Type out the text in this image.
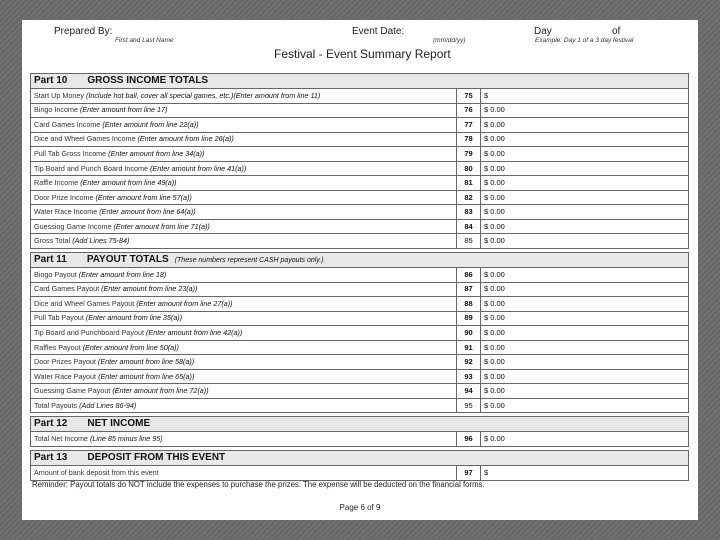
Prepared By:
First and Last Name
Event Date:
(mm/dd/yy)
Day	of
Example: Day 1 of a 3 day festival
Festival - Event Summary Report
Part 10 GROSS INCOME TOTALS		
Start Up Money (Include hot ball, cover all special games, etc.)(Enter amount from line 11)	75	$
Bingo Income (Enter amount from line 17)	76	$ 0.00
Card Games Income (Enter amount from line 22(a))	77	$ 0.00
Dice and Wheel Games Income (Enter amount from line 26(a))	78	$ 0.00
Pull Tab Gross Income (Enter amount from line 34(a))	79	$ 0.00
Tip Board and Punch Board Income (Enter amount from line 41(a))	80	$ 0.00
Raffle Income (Enter amount from line 49(a))	81	$ 0.00
Door Prize Income (Enter amount from line 57(a))	82	$ 0.00
Water Race Income (Enter amount from line 64(a))	83	$ 0.00
Guessing Game Income (Enter amount from line 71(a))	84	$ 0.00
Gross Total (Add Lines 75-84)	85	$ 0.00

Part 11 PAYOUT TOTALS (These numbers represent CASH payouts only.)		
Bingo Payout (Enter amount from line 18)	86	$ 0.00
Card Games Payout (Enter amount from line 23(a))	87	$ 0.00
Dice and Wheel Games Payout (Enter amount from line 27(a))	88	$ 0.00
Pull Tab Payout (Enter amount from line 35(a))	89	$ 0.00
Tip Board and Punchboard Payout (Enter amount from line 42(a))	90	$ 0.00
Raffles Payout (Enter amount from line 50(a))	91	$ 0.00
Door Prizes Payout (Enter amount from line 58(a))	92	$ 0.00
Water Race Payout (Enter amount from line 65(a))	93	$ 0.00
Guessing Game Payout (Enter amount from line 72(a))	94	$ 0.00
Total Payouts (Add Lines 86-94)	95	$ 0.00

Part 12 NET INCOME		
Total Net Income (Line 85 minus line 95)	96	$ 0.00

Part 13 DEPOSIT FROM THIS EVENT		
Amount of bank deposit from this event	97	$
Reminder: Payout totals do NOT include the expenses to purchase the prizes. The expense will be deducted on the financial forms.
Page 6 of 9
